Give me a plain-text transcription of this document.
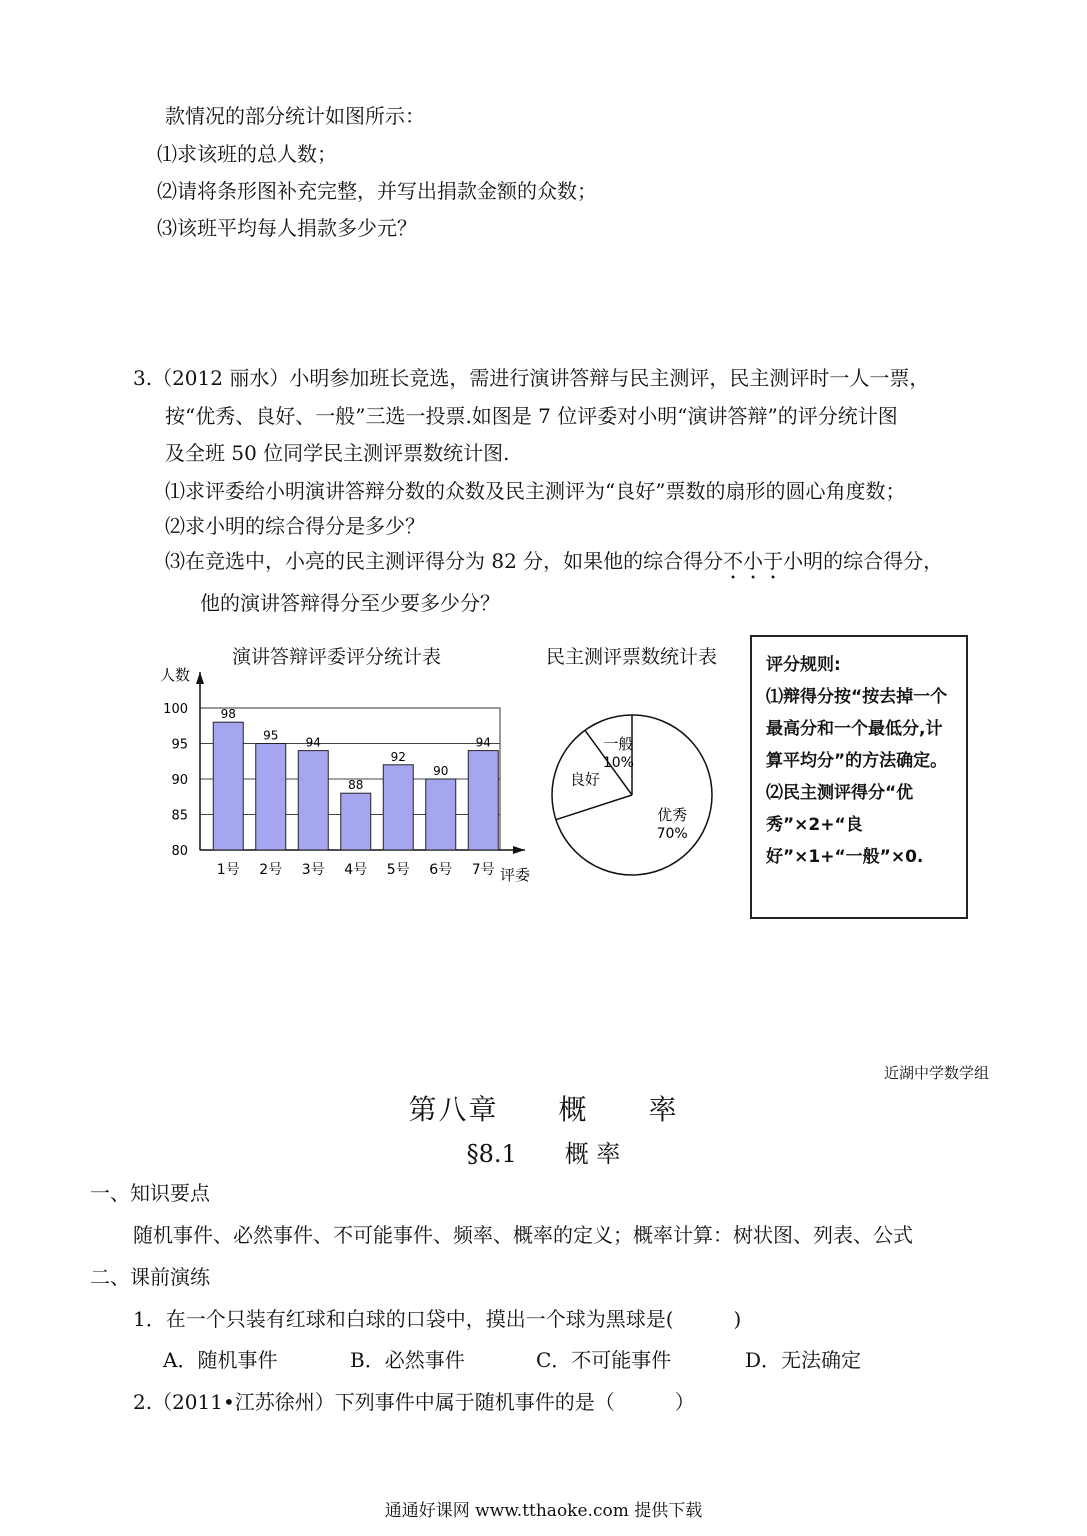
款情况的部分统计如图所示：
⑴求该班的总人数；
⑵请将条形图补充完整，并写出捐款金额的众数；
⑶该班平均每人捐款多少元？
3.（2012 丽水）小明参加班长竞选，需进行演讲答辩与民主测评，民主测评时一人一票，
按“优秀、良好、一般”三选一投票.如图是 7 位评委对小明“演讲答辩”的评分统计图
及全班 50 位同学民主测评票数统计图.
⑴求评委给小明演讲答辩分数的众数及民主测评为“良好”票数的扇形的圆心角度数；
⑵求小明的综合得分是多少？
⑶在竞选中，小亮的民主测评得分为 82 分，如果他的综合得分不小于小明的综合得分，
他的演讲答辩得分至少要多少分？
演讲答辩评委评分统计表
80
85
90
95
100
人数
评委
98
1号
95
2号
94
3号
88
4号
92
5号
90
6号
94
7号
民主测评票数统计表
优秀
70%
良好
一般
10%
评分规则:
⑴辩得分按“按去掉一个最高分和一个最低分,计算平均分”的方法确定。
⑵民主测评得分“优秀”×2+“良好”×1+“一般”×0.
近湖中学数学组
第八章　　概　　率
§8.1　　概 率
一、知识要点
随机事件、必然事件、不可能事件、频率、概率的定义；概率计算：树状图、列表、公式
二、课前演练
1．在一个只装有红球和白球的口袋中，摸出一个球为黑球是(　　　)
A．随机事件	B．必然事件	C．不可能事件	D．无法确定
2.（2011•江苏徐州）下列事件中属于随机事件的是（　　　）
通通好课网 www.tthaoke.com 提供下载
